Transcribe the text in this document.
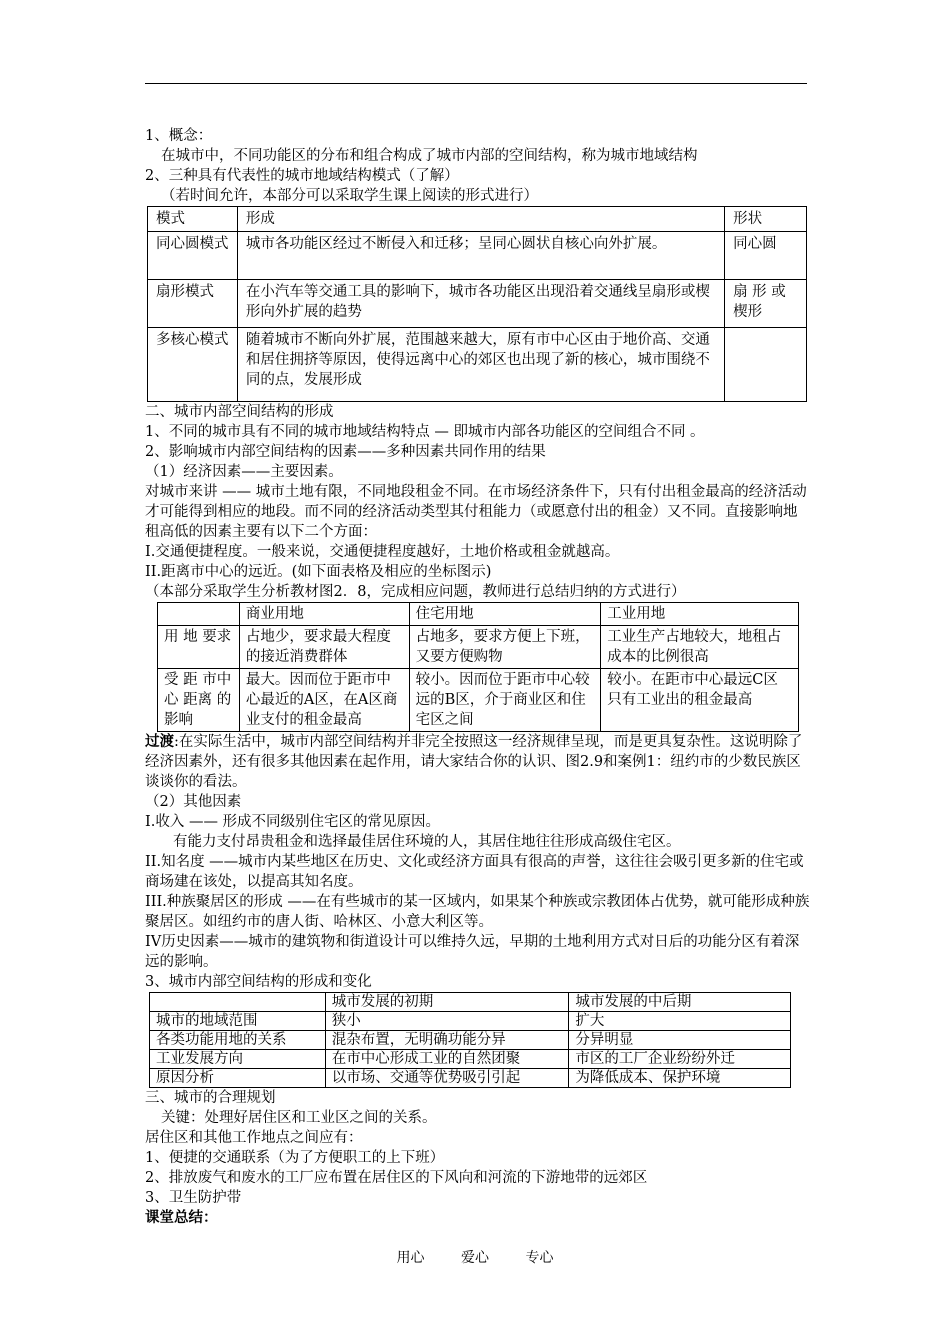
1、概念：

在城市中，不同功能区的分布和组合构成了城市内部的空间结构，称为城市地域结构

2、三种具有代表性的城市地域结构模式（了解）

（若时间允许，本部分可以采取学生课上阅读的形式进行）

模式	形成	形状
同心圆模式	城市各功能区经过不断侵入和迁移；呈同心圆状自核心向外扩展。	同心圆
扇形模式	在小汽车等交通工具的影响下，城市各功能区出现沿着交通线呈扇形或楔形向外扩展的趋势	扇 形 或楔形
多核心模式	随着城市不断向外扩展，范围越来越大，原有市中心区由于地价高、交通和居住拥挤等原因，使得远离中心的郊区也出现了新的核心，城市围绕不同的点，发展形成	

二、城市内部空间结构的形成

1、不同的城市具有不同的城市地域结构特点 — 即城市内部各功能区的空间组合不同 。

2、影响城市内部空间结构的因素——多种因素共同作用的结果

（1）经济因素——主要因素。

对城市来讲 —— 城市土地有限，不同地段租金不同。在市场经济条件下，只有付出租金最高的经济活动才可能得到相应的地段。而不同的经济活动类型其付租能力（或愿意付出的租金）又不同。直接影响地租高低的因素主要有以下二个方面：

I.交通便捷程度。一般来说，交通便捷程度越好，土地价格或租金就越高。

II.距离市中心的远近。(如下面表格及相应的坐标图示)

（本部分采取学生分析教材图2．8，完成相应问题，教师进行总结归纳的方式进行）

	商业用地	住宅用地	工业用地
用 地 要求	占地少，要求最大程度的接近消费群体	占地多，要求方便上下班，又要方便购物	工业生产占地较大，地租占成本的比例很高
受 距 市中 心 距离 的 影响	最大。因而位于距市中心最近的A区，在A区商业支付的租金最高	较小。因而位于距市中心较远的B区，介于商业区和住宅区之间	较小。在距市中心最远C区只有工业出的租金最高

过渡:在实际生活中，城市内部空间结构并非完全按照这一经济规律呈现，而是更具复杂性。这说明除了经济因素外，还有很多其他因素在起作用，请大家结合你的认识、图2.9和案例1：纽约市的少数民族区谈谈你的看法。

（2）其他因素

I.收入 —— 形成不同级别住宅区的常见原因。

有能力支付昂贵租金和选择最佳居住环境的人，其居住地往往形成高级住宅区。

II.知名度 ——城市内某些地区在历史、文化或经济方面具有很高的声誉，这往往会吸引更多新的住宅或商场建在该处，以提高其知名度。

III.种族聚居区的形成 ——在有些城市的某一区域内，如果某个种族或宗教团体占优势，就可能形成种族聚居区。如纽约市的唐人街、哈林区、小意大利区等。

IV历史因素——城市的建筑物和街道设计可以维持久远，早期的土地利用方式对日后的功能分区有着深远的影响。

3、城市内部空间结构的形成和变化

	城市发展的初期	城市发展的中后期
城市的地域范围	狭小	扩大
各类功能用地的关系	混杂布置，无明确功能分异	分异明显
工业发展方向	在市中心形成工业的自然团聚	市区的工厂企业纷纷外迁
原因分析	以市场、交通等优势吸引引起	为降低成本、保护环境

三、城市的合理规划

关键：处理好居住区和工业区之间的关系。

居住区和其他工作地点之间应有：

1、便捷的交通联系（为了方便职工的上下班）

2、排放废气和废水的工厂应布置在居住区的下风向和河流的下游地带的远郊区

3、卫生防护带

课堂总结：

用心	爱心	专心
